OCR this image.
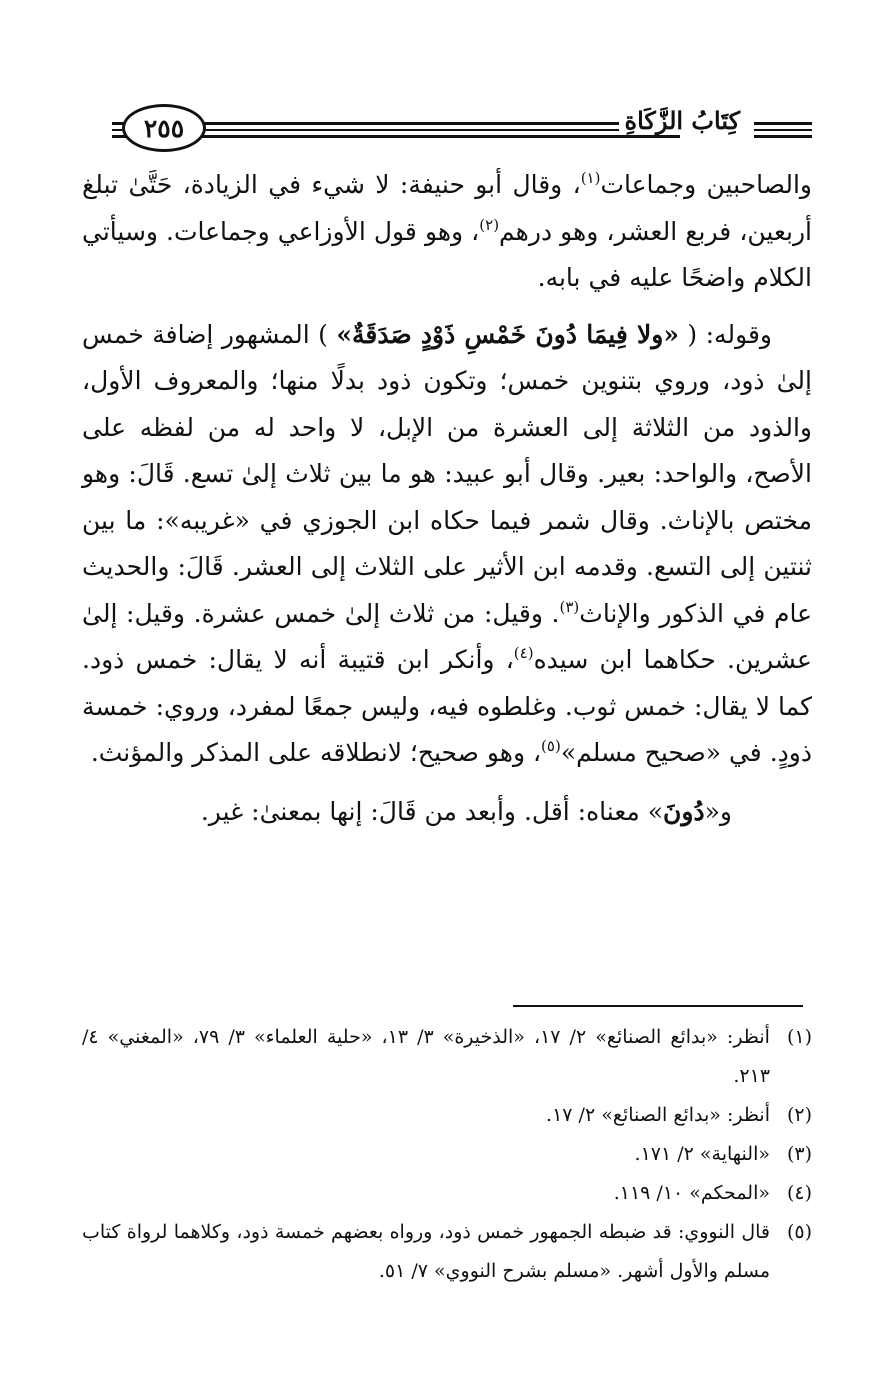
٢٥٥	كِتَابُ الزَّكَاةِ

والصاحبين وجماعات$^{(١)}$، وقال أبو حنيفة: لا شيء في الزيادة، حَتَّىٰ تبلغ أربعين، فربع العشر، وهو درهم$^{(٢)}$، وهو قول الأوزاعي وجماعات. وسيأتي الكلام واضحًا عليه في بابه.

وقوله: ( «ولا فِيمَا دُونَ خَمْسِ ذَوْدٍ صَدَقَةٌ» ) المشهور إضافة خمس إلىٰ ذود، وروي بتنوين خمس؛ وتكون ذود بدلًا منها؛ والمعروف الأول، والذود من الثلاثة إلى العشرة من الإبل، لا واحد له من لفظه على الأصح، والواحد: بعير. وقال أبو عبيد: هو ما بين ثلاث إلىٰ تسع. قَالَ: وهو مختص بالإناث. وقال شمر فيما حكاه ابن الجوزي في «غريبه»: ما بين ثنتين إلى التسع. وقدمه ابن الأثير على الثلاث إلى العشر. قَالَ: والحديث عام في الذكور والإناث$^{(٣)}$. وقيل: من ثلاث إلىٰ خمس عشرة. وقيل: إلىٰ عشرين. حكاهما ابن سيده$^{(٤)}$، وأنكر ابن قتيبة أنه لا يقال: خمس ذود. كما لا يقال: خمس ثوب. وغلطوه فيه، وليس جمعًا لمفرد، وروي: خمسة ذودٍ. في «صحيح مسلم»$^{(٥)}$، وهو صحيح؛ لانطلاقه على المذكر والمؤنث.

و«دُونَ» معناه: أقل. وأبعد من قَالَ: إنها بمعنىٰ: غير.

(١)
أنظر: «بدائع الصنائع» ٢/ ١٧، «الذخيرة» ٣/ ١٣، «حلية العلماء» ٣/ ٧٩، «المغني» ٤/ ٢١٣.
(٢)
أنظر: «بدائع الصنائع» ٢/ ١٧.
(٣)
«النهاية» ٢/ ١٧١.
(٤)
«المحكم» ١٠/ ١١٩.
(٥)
قال النووي: قد ضبطه الجمهور خمس ذود، ورواه بعضهم خمسة ذود، وكلاهما لرواة كتاب مسلم والأول أشهر. «مسلم بشرح النووي» ٧/ ٥١.
